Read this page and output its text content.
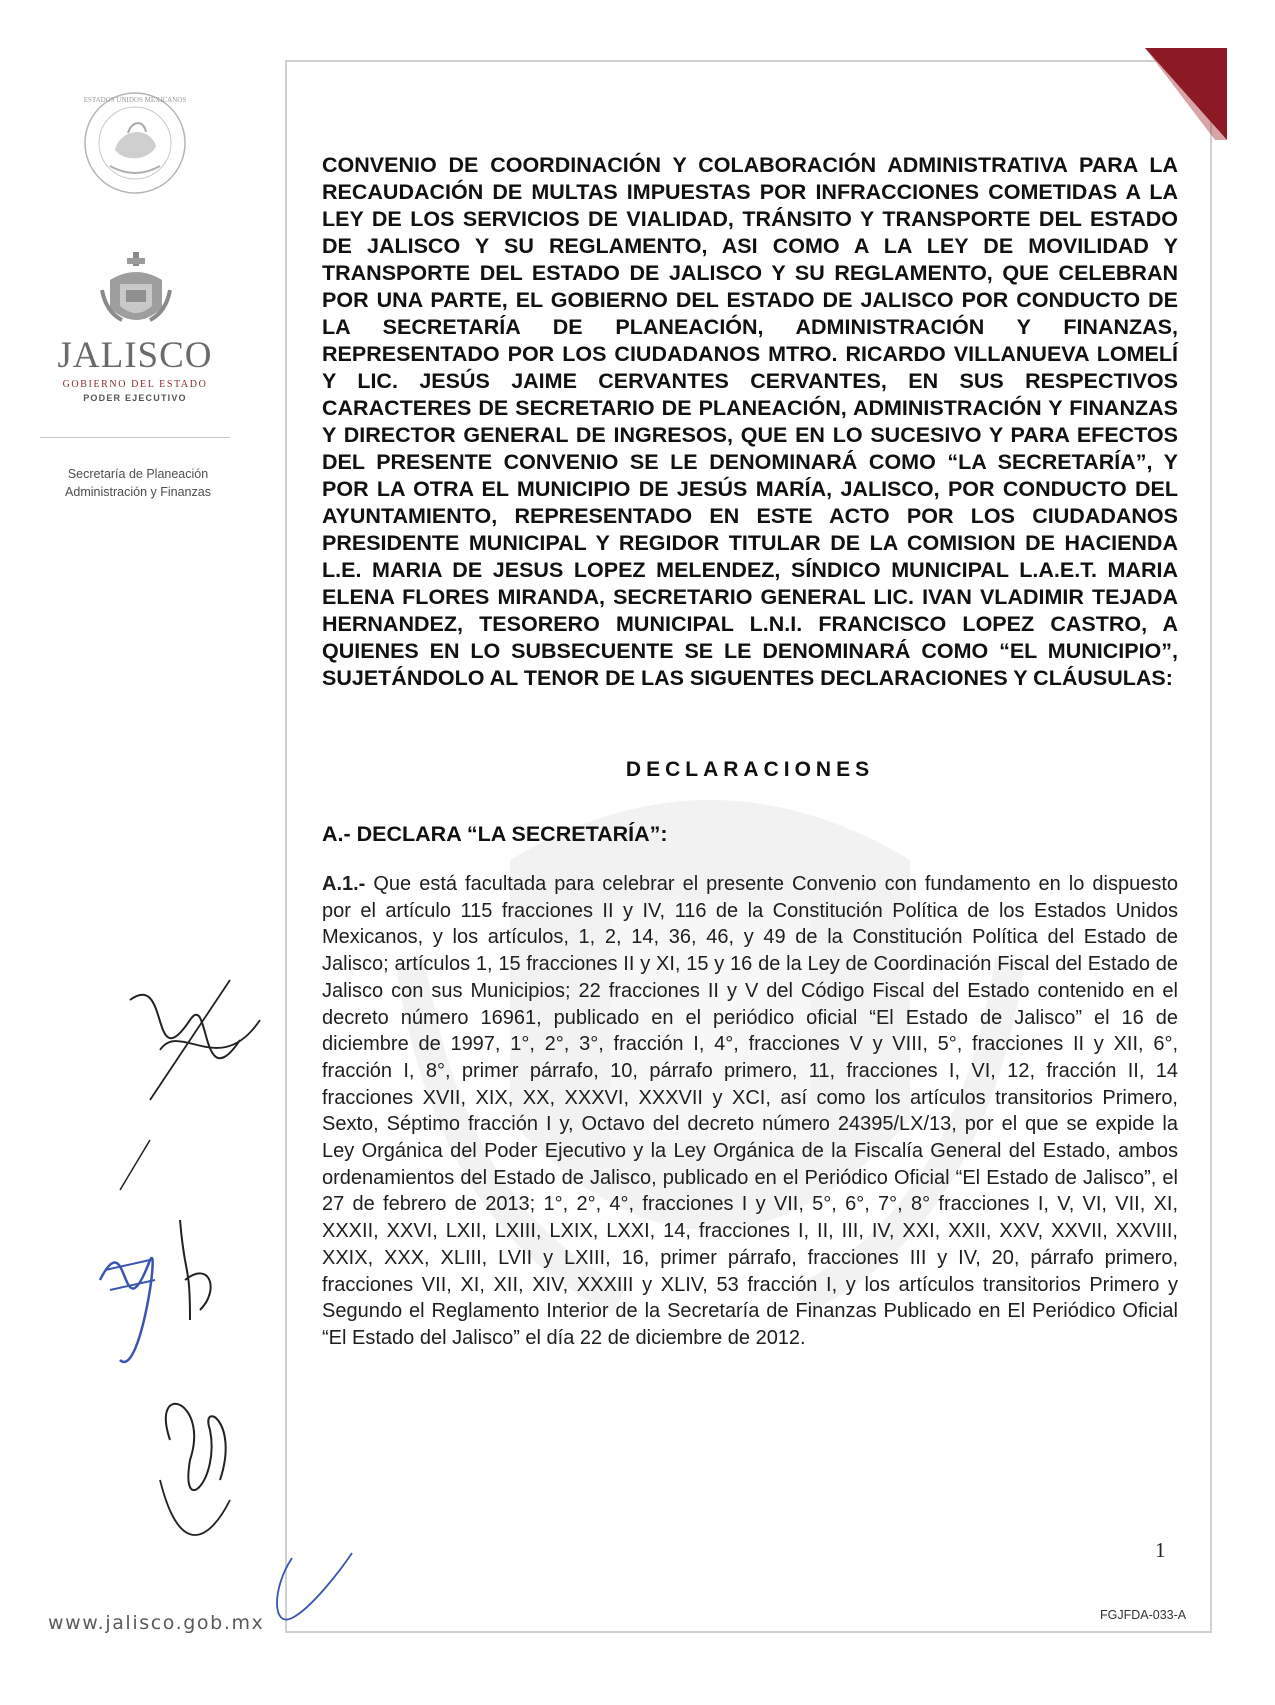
ESTADOS UNIDOS MEXICANOS
JALISCO
GOBIERNO DEL ESTADO
PODER EJECUTIVO
Secretaría de Planeación
Administración y Finanzas
www.jalisco.gob.mx

CONVENIO DE COORDINACIÓN Y COLABORACIÓN ADMINISTRATIVA PARA LA RECAUDACIÓN DE MULTAS IMPUESTAS POR INFRACCIONES COMETIDAS A LA LEY DE LOS SERVICIOS DE VIALIDAD, TRÁNSITO Y TRANSPORTE DEL ESTADO DE JALISCO Y SU REGLAMENTO, ASI COMO A LA LEY DE MOVILIDAD Y TRANSPORTE DEL ESTADO DE JALISCO Y SU REGLAMENTO, QUE CELEBRAN POR UNA PARTE, EL GOBIERNO DEL ESTADO DE JALISCO POR CONDUCTO DE LA SECRETARÍA DE PLANEACIÓN, ADMINISTRACIÓN Y FINANZAS, REPRESENTADO POR LOS CIUDADANOS MTRO. RICARDO VILLANUEVA LOMELÍ Y LIC. JESÚS JAIME CERVANTES CERVANTES, EN SUS RESPECTIVOS CARACTERES DE SECRETARIO DE PLANEACIÓN, ADMINISTRACIÓN Y FINANZAS Y DIRECTOR GENERAL DE INGRESOS, QUE EN LO SUCESIVO Y PARA EFECTOS DEL PRESENTE CONVENIO SE LE DENOMINARÁ COMO “LA SECRETARÍA”, Y POR LA OTRA EL MUNICIPIO DE JESÚS MARÍA, JALISCO, POR CONDUCTO DEL AYUNTAMIENTO, REPRESENTADO EN ESTE ACTO POR LOS CIUDADANOS PRESIDENTE MUNICIPAL Y REGIDOR TITULAR DE LA COMISION DE HACIENDA L.E. MARIA DE JESUS LOPEZ MELENDEZ, SÍNDICO MUNICIPAL L.A.E.T. MARIA ELENA FLORES MIRANDA, SECRETARIO GENERAL LIC. IVAN VLADIMIR TEJADA HERNANDEZ, TESORERO MUNICIPAL L.N.I. FRANCISCO LOPEZ CASTRO, A QUIENES EN LO SUBSECUENTE SE LE DENOMINARÁ COMO “EL MUNICIPIO”, SUJETÁNDOLO AL TENOR DE LAS SIGUENTES DECLARACIONES Y CLÁUSULAS:

DECLARACIONES
A.- DECLARA “LA SECRETARÍA”:

A.1.- Que está facultada para celebrar el presente Convenio con fundamento en lo dispuesto por el artículo 115 fracciones II y IV, 116 de la Constitución Política de los Estados Unidos Mexicanos, y los artículos, 1, 2, 14, 36, 46, y 49 de la Constitución Política del Estado de Jalisco; artículos 1, 15 fracciones II y XI, 15 y 16 de la Ley de Coordinación Fiscal del Estado de Jalisco con sus Municipios; 22 fracciones II y V del Código Fiscal del Estado contenido en el decreto número 16961, publicado en el periódico oficial “El Estado de Jalisco” el 16 de diciembre de 1997, 1°, 2°, 3°, fracción I, 4°, fracciones V y VIII, 5°, fracciones II y XII, 6°, fracción I, 8°, primer párrafo, 10, párrafo primero, 11, fracciones I, VI, 12, fracción II, 14 fracciones XVII, XIX, XX, XXXVI, XXXVII y XCI, así como los artículos transitorios Primero, Sexto, Séptimo fracción I y, Octavo del decreto número 24395/LX/13, por el que se expide la Ley Orgánica del Poder Ejecutivo y la Ley Orgánica de la Fiscalía General del Estado, ambos ordenamientos del Estado de Jalisco, publicado en el Periódico Oficial “El Estado de Jalisco”, el 27 de febrero de 2013; 1°, 2°, 4°, fracciones I y VII, 5°, 6°, 7°, 8° fracciones I, V, VI, VII, XI, XXXII, XXVI, LXII, LXIII, LXIX, LXXI, 14, fracciones I, II, III, IV, XXI, XXII, XXV, XXVII, XXVIII, XXIX, XXX, XLIII, LVII y LXIII, 16, primer párrafo, fracciones III y IV, 20, párrafo primero, fracciones VII, XI, XII, XIV, XXXIII y XLIV, 53 fracción I, y los artículos transitorios Primero y Segundo el Reglamento Interior de la Secretaría de Finanzas Publicado en El Periódico Oficial “El Estado del Jalisco” el día 22 de diciembre de 2012.

1
FGJFDA-033-A
